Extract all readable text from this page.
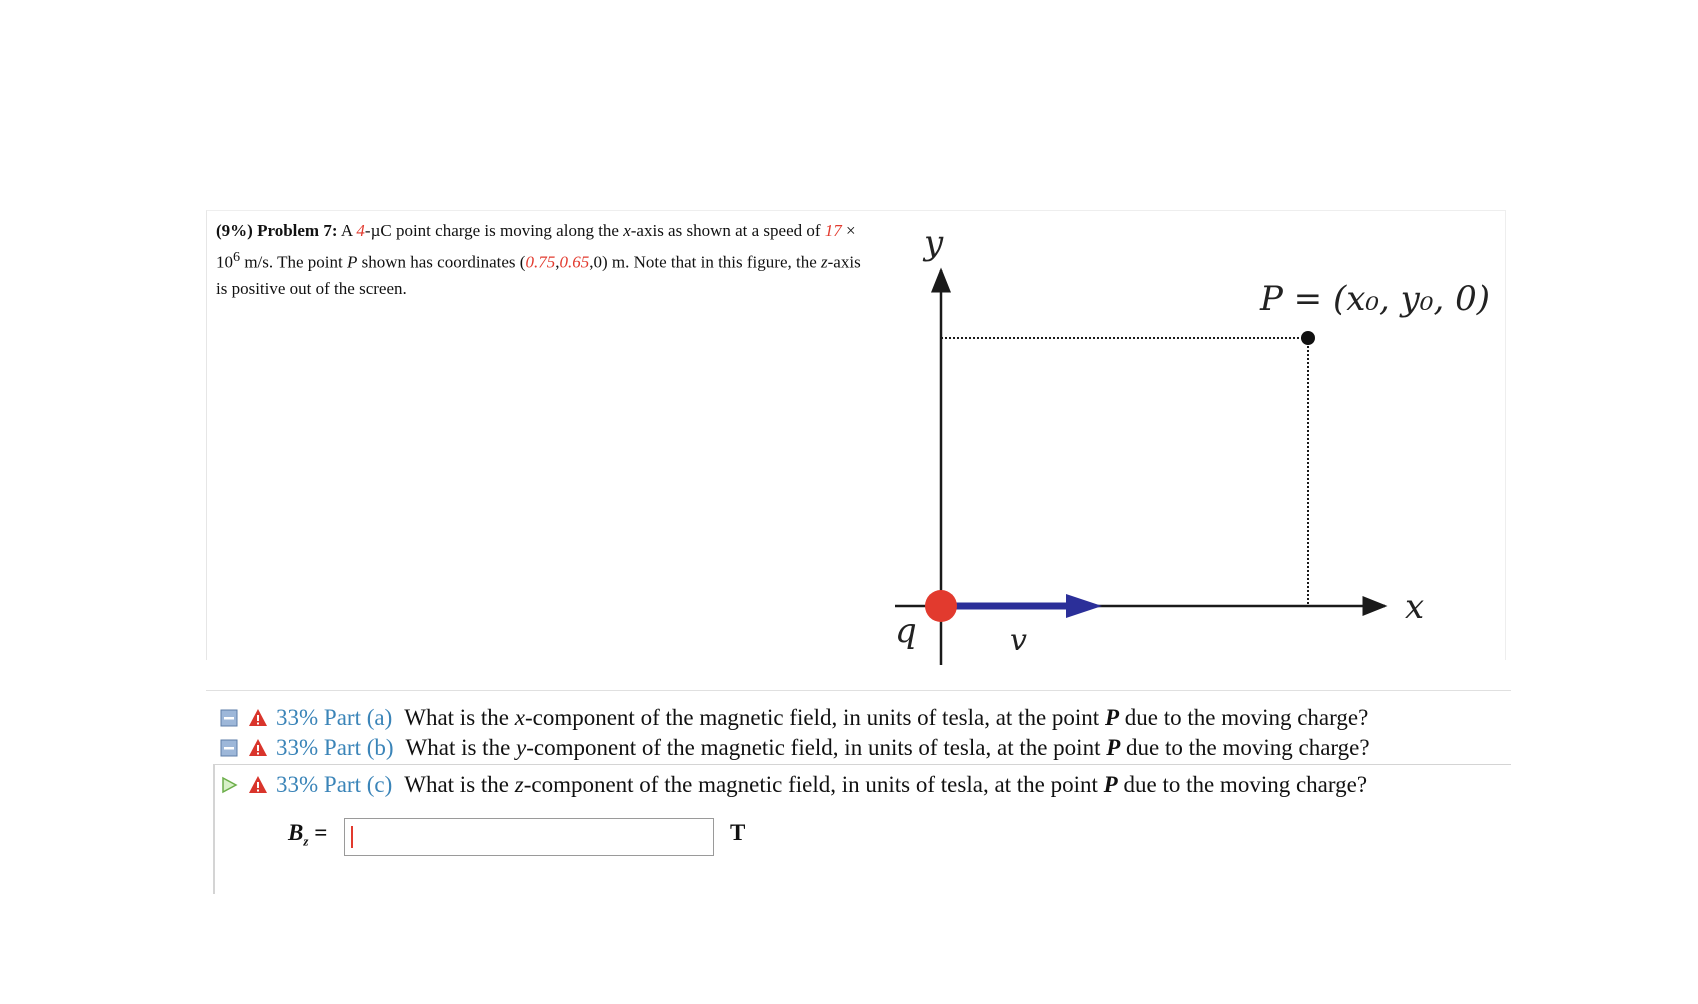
(9%) Problem 7: A 4-µC point charge is moving along the x-axis as shown at a speed of $17 \times 10^6$ m/s. The point P shown has coordinates (0.75,0.65,0) m. Note that in this figure, the z-axis is positive out of the screen.
y
x
P = (x₀, y₀, 0)
q	v
33% Part (a) What is the x-component of the magnetic field, in units of tesla, at the point P due to the moving charge?
33% Part (b) What is the y-component of the magnetic field, in units of tesla, at the point P due to the moving charge?
33% Part (c) What is the z-component of the magnetic field, in units of tesla, at the point P due to the moving charge?
$B_z$ =	T
